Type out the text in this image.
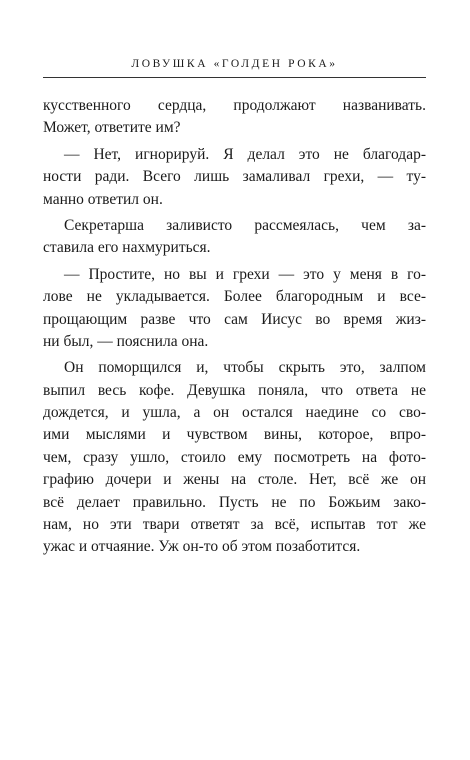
ЛОВУШКА «ГОЛДЕН РОКА»
кусственного сердца, продолжают названивать.
Может, ответите им?
— Нет, игнорируй. Я делал это не благодар-
ности ради. Всего лишь замаливал грехи, — ту-
манно ответил он.
Секретарша заливисто рассмеялась, чем за-
ставила его нахмуриться.
— Простите, но вы и грехи — это у меня в го-
лове не укладывается. Более благородным и все-
прощающим разве что сам Иисус во время жиз-
ни был, — пояснила она.
Он поморщился и, чтобы скрыть это, залпом
выпил весь кофе. Девушка поняла, что ответа не
дождется, и ушла, а он остался наедине со сво-
ими мыслями и чувством вины, которое, впро-
чем, сразу ушло, стоило ему посмотреть на фото-
графию дочери и жены на столе. Нет, всё же он
всё делает правильно. Пусть не по Божьим зако-
нам, но эти твари ответят за всё, испытав тот же
ужас и отчаяние. Уж он-то об этом позаботится.
